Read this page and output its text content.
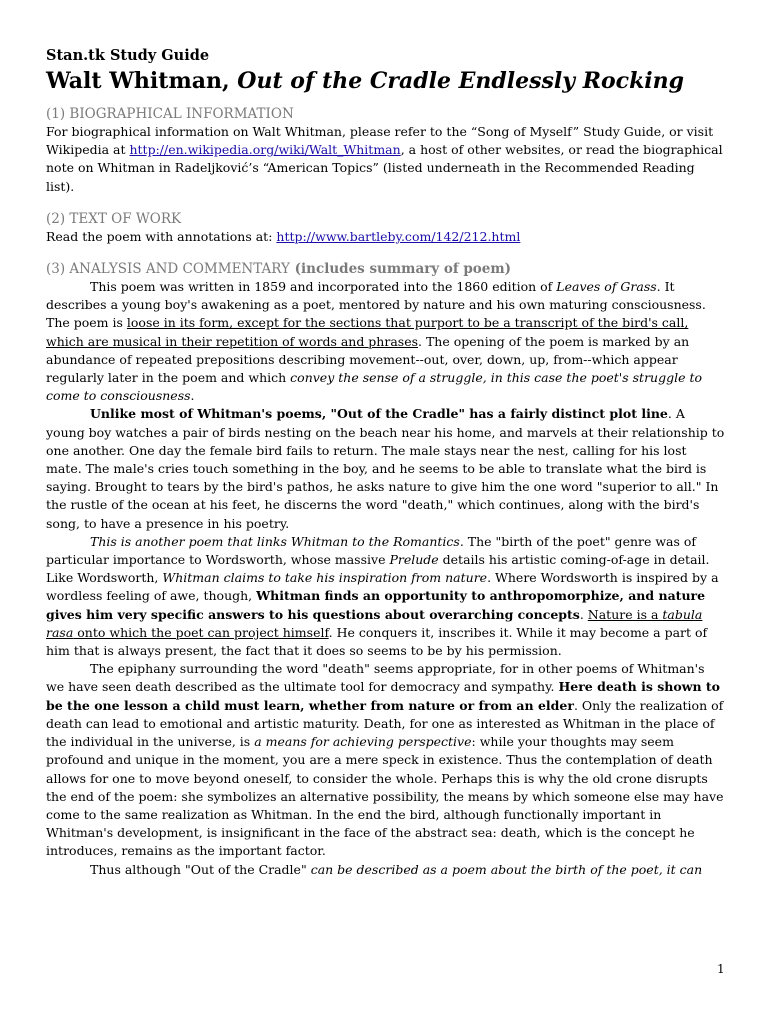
Stan.tk Study Guide
Walt Whitman, Out of the Cradle Endlessly Rocking
(1) BIOGRAPHICAL INFORMATION

For biographical information on Walt Whitman, please refer to the “Song of Myself” Study Guide, or visit Wikipedia at http://en.wikipedia.org/wiki/Walt_Whitman, a host of other websites, or read the biographical note on Whitman in Radeljković’s “American Topics” (listed underneath in the Recommended Reading list).

(2) TEXT OF WORK

Read the poem with annotations at: http://www.bartleby.com/142/212.html

(3) ANALYSIS AND COMMENTARY (includes summary of poem)

This poem was written in 1859 and incorporated into the 1860 edition of Leaves of Grass. It describes a young boy's awakening as a poet, mentored by nature and his own maturing consciousness. The poem is loose in its form, except for the sections that purport to be a transcript of the bird's call, which are musical in their repetition of words and phrases. The opening of the poem is marked by an abundance of repeated prepositions describing movement--out, over, down, up, from--which appear regularly later in the poem and which convey the sense of a struggle, in this case the poet's struggle to come to consciousness.

Unlike most of Whitman's poems, "Out of the Cradle" has a fairly distinct plot line. A young boy watches a pair of birds nesting on the beach near his home, and marvels at their relationship to one another. One day the female bird fails to return. The male stays near the nest, calling for his lost mate. The male's cries touch something in the boy, and he seems to be able to translate what the bird is saying. Brought to tears by the bird's pathos, he asks nature to give him the one word "superior to all." In the rustle of the ocean at his feet, he discerns the word "death," which continues, along with the bird's song, to have a presence in his poetry.

This is another poem that links Whitman to the Romantics. The "birth of the poet" genre was of particular importance to Wordsworth, whose massive Prelude details his artistic coming-of-age in detail. Like Wordsworth, Whitman claims to take his inspiration from nature. Where Wordsworth is inspired by a wordless feeling of awe, though, Whitman finds an opportunity to anthropomorphize, and nature gives him very specific answers to his questions about overarching concepts. Nature is a tabula rasa onto which the poet can project himself. He conquers it, inscribes it. While it may become a part of him that is always present, the fact that it does so seems to be by his permission.

The epiphany surrounding the word "death" seems appropriate, for in other poems of Whitman's we have seen death described as the ultimate tool for democracy and sympathy. Here death is shown to be the one lesson a child must learn, whether from nature or from an elder. Only the realization of death can lead to emotional and artistic maturity. Death, for one as interested as Whitman in the place of the individual in the universe, is a means for achieving perspective: while your thoughts may seem profound and unique in the moment, you are a mere speck in existence. Thus the contemplation of death allows for one to move beyond oneself, to consider the whole. Perhaps this is why the old crone disrupts the end of the poem: she symbolizes an alternative possibility, the means by which someone else may have come to the same realization as Whitman. In the end the bird, although functionally important in Whitman's development, is insignificant in the face of the abstract sea: death, which is the concept he introduces, remains as the important factor.

Thus although "Out of the Cradle" can be described as a poem about the birth of the poet, it can

1
